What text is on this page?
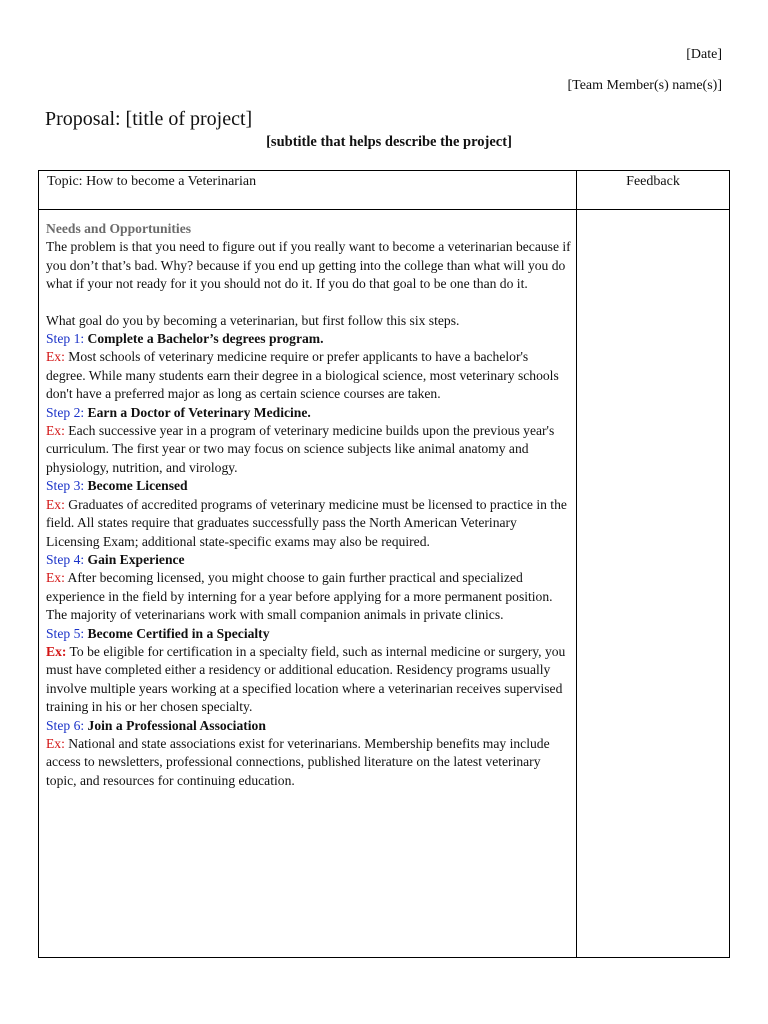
[Date]
[Team Member(s) name(s)]
Proposal: [title of project]
[subtitle that helps describe the project]
Topic: How to become a Veterinarian	Feedback

Needs and Opportunities

The problem is that you need to figure out if you really want to become a veterinarian because if you don’t that’s bad. Why? because if you end up getting into the college than what will you do what if your not ready for it you should not do it. If you do that goal to be one than do it.

What goal do you by becoming a veterinarian, but first follow this six steps.

Step 1: Complete a Bachelor’s degrees program.

Ex: Most schools of veterinary medicine require or prefer applicants to have a bachelor's degree. While many students earn their degree in a biological science, most veterinary schools don't have a preferred major as long as certain science courses are taken.

Step 2: Earn a Doctor of Veterinary Medicine.

Ex: Each successive year in a program of veterinary medicine builds upon the previous year's curriculum. The first year or two may focus on science subjects like animal anatomy and physiology, nutrition, and virology.

Step 3: Become Licensed

Ex: Graduates of accredited programs of veterinary medicine must be licensed to practice in the field. All states require that graduates successfully pass the North American Veterinary Licensing Exam; additional state-specific exams may also be required.

Step 4: Gain Experience

Ex: After becoming licensed, you might choose to gain further practical and specialized experience in the field by interning for a year before applying for a more permanent position. The majority of veterinarians work with small companion animals in private clinics.

Step 5: Become Certified in a Specialty

Ex: To be eligible for certification in a specialty field, such as internal medicine or surgery, you must have completed either a residency or additional education. Residency programs usually involve multiple years working at a specified location where a veterinarian receives supervised training in his or her chosen specialty.

Step 6: Join a Professional Association

Ex: National and state associations exist for veterinarians. Membership benefits may include access to newsletters, professional connections, published literature on the latest veterinary topic, and resources for continuing education.
